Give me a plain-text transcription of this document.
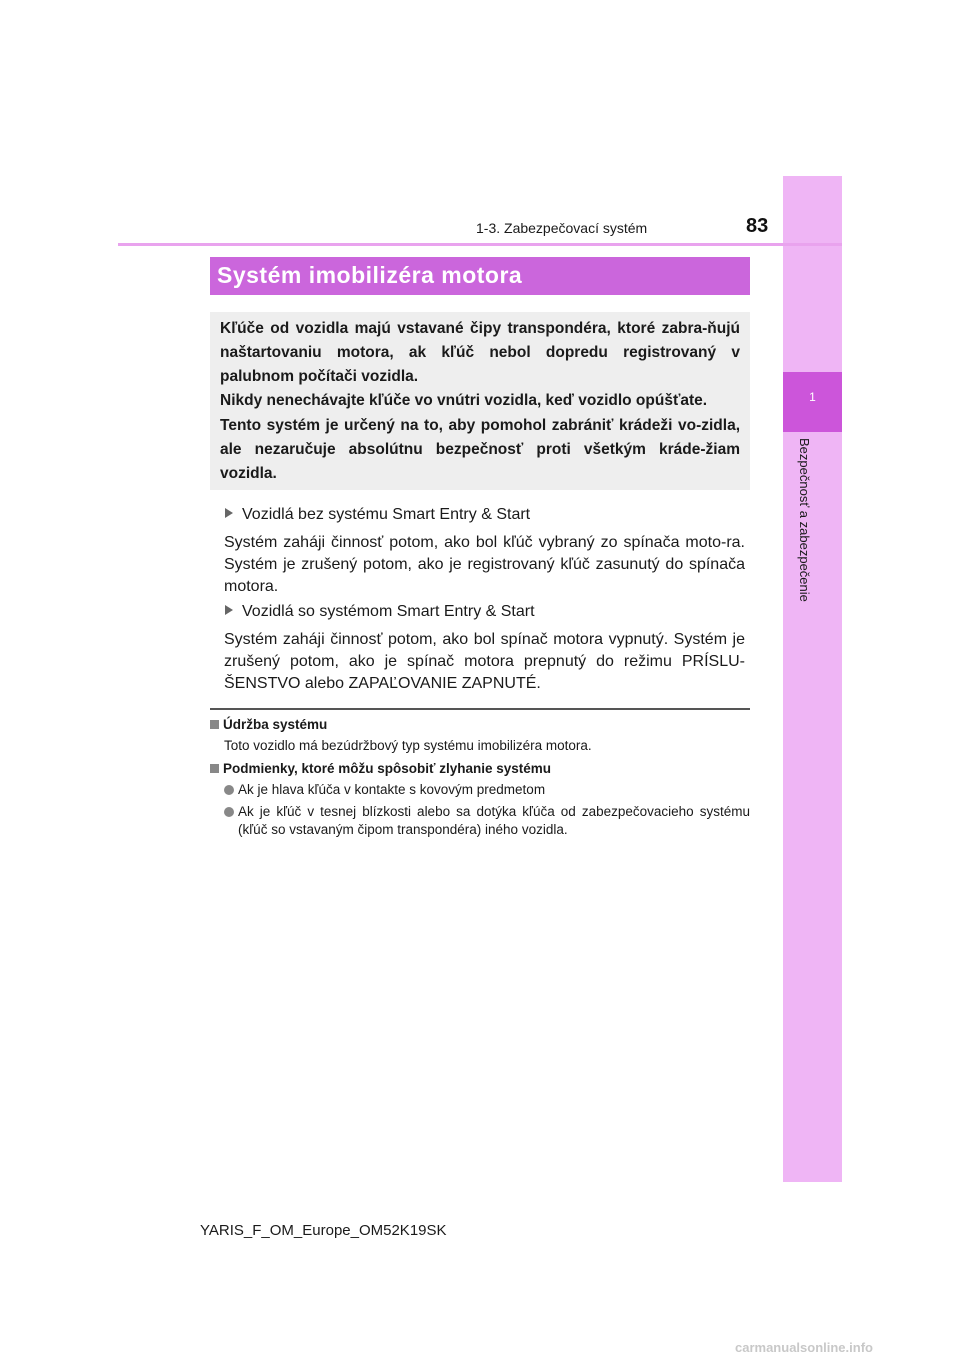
1
Bezpečnosť a zabezpečenie
1-3. Zabezpečovací systém	83
Systém imobilizéra motora

Kľúče od vozidla majú vstavané čipy transpondéra, ktoré zabra-ňujú naštartovaniu motora, ak kľúč nebol dopredu registrovaný v palubnom počítači vozidla.

Nikdy nenechávajte kľúče vo vnútri vozidla, keď vozidlo opúšťate.

Tento systém je určený na to, aby pomohol zabrániť krádeži vo-zidla, ale nezaručuje absolútnu bezpečnosť proti všetkým kráde-žiam vozidla.

Vozidlá bez systému Smart Entry & Start

Systém zaháji činnosť potom, ako bol kľúč vybraný zo spínača moto-ra. Systém je zrušený potom, ako je registrovaný kľúč zasunutý do spínača motora.

Vozidlá so systémom Smart Entry & Start

Systém zaháji činnosť potom, ako bol spínač motora vypnutý. Systém je zrušený potom, ako je spínač motora prepnutý do režimu PRÍSLU-ŠENSTVO alebo ZAPAĽOVANIE ZAPNUTÉ.

Údržba systému

Toto vozidlo má bezúdržbový typ systému imobilizéra motora.

Podmienky, ktoré môžu spôsobiť zlyhanie systému
Ak je hlava kľúča v kontakte s kovovým predmetom
Ak je kľúč v tesnej blízkosti alebo sa dotýka kľúča od zabezpečovacieho systému (kľúč so vstavaným čipom transpondéra) iného vozidla.
YARIS_F_OM_Europe_OM52K19SK
carmanualsonline.info
